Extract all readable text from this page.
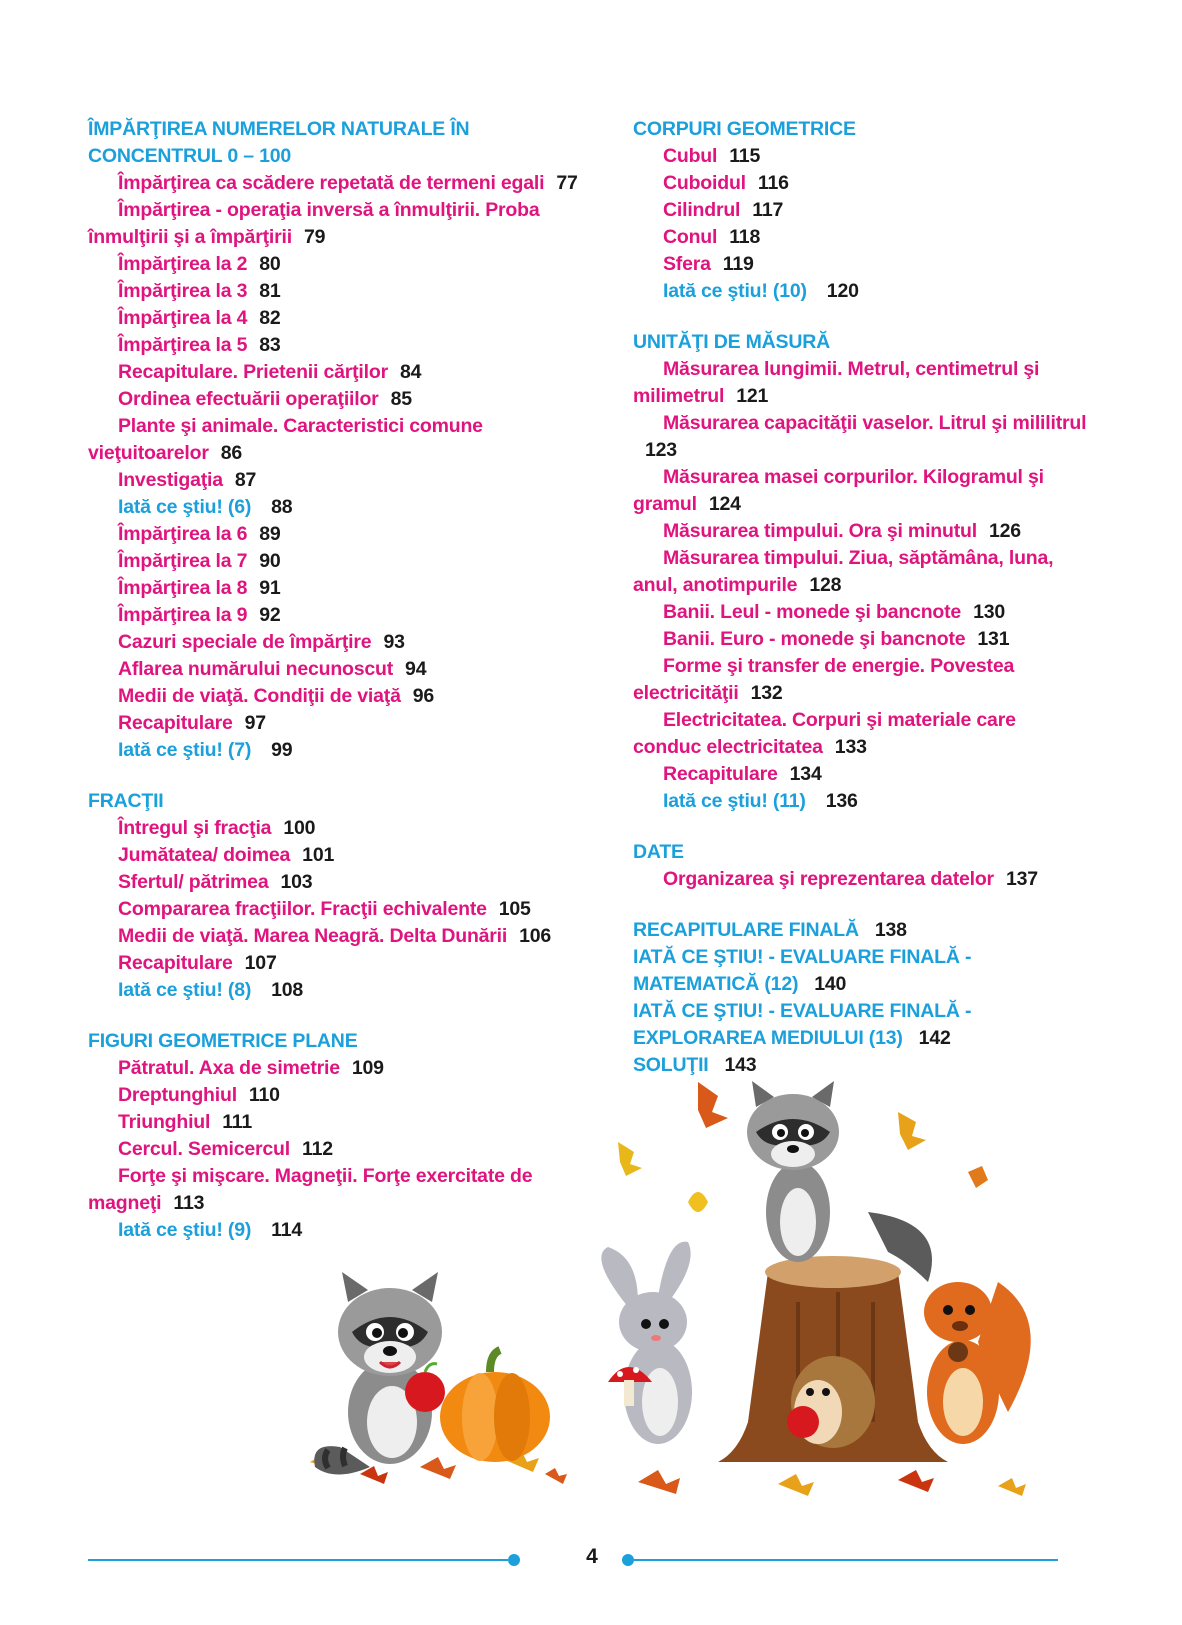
ÎMPĂRŢIREA NUMERELOR NATURALE ÎN CONCENTRUL 0 – 100
Împărţirea ca scădere repetată de termeni egali 77
Împărţirea - operaţia inversă a înmulţirii. Proba înmulţirii şi a împărţirii 79
Împărţirea la 2 80
Împărţirea la 3 81
Împărţirea la 4 82
Împărţirea la 5 83
Recapitulare. Prietenii cărţilor 84
Ordinea efectuării operaţiilor 85
Plante şi animale. Caracteristici comune vieţuitoarelor 86
Investigaţia 87
Iată ce ştiu! (6) 88
Împărţirea la 6 89
Împărţirea la 7 90
Împărţirea la 8 91
Împărţirea la 9 92
Cazuri speciale de împărţire 93
Aflarea numărului necunoscut 94
Medii de viaţă. Condiţii de viaţă 96
Recapitulare 97
Iată ce ştiu! (7) 99
FRACŢII
Întregul şi fracţia 100
Jumătatea/ doimea 101
Sfertul/ pătrimea 103
Compararea fracţiilor. Fracţii echivalente 105
Medii de viaţă. Marea Neagră. Delta Dunării 106
Recapitulare 107
Iată ce ştiu! (8) 108
FIGURI GEOMETRICE PLANE
Pătratul. Axa de simetrie 109
Dreptunghiul 110
Triunghiul 111
Cercul. Semicercul 112
Forţe şi mişcare. Magneţii. Forţe exercitate de magneţi 113
Iată ce ştiu! (9) 114
CORPURI GEOMETRICE
Cubul 115
Cuboidul 116
Cilindrul 117
Conul 118
Sfera 119
Iată ce ştiu! (10) 120
UNITĂŢI DE MĂSURĂ
Măsurarea lungimii. Metrul, centimetrul şi milimetrul 121
Măsurarea capacităţii vaselor. Litrul şi mililitrul123
Măsurarea masei corpurilor. Kilogramul şi gramul 124
Măsurarea timpului. Ora şi minutul 126
Măsurarea timpului. Ziua, săptămâna, luna, anul, anotimpurile 128
Banii. Leul - monede şi bancnote 130
Banii. Euro - monede şi bancnote 131
Forme şi transfer de energie. Povestea electricităţii 132
Electricitatea. Corpuri şi materiale care conduc electricitatea 133
Recapitulare 134
Iată ce ştiu! (11) 136
DATE
Organizarea şi reprezentarea datelor 137
RECAPITULARE FINALĂ 138
IATĂ CE ŞTIU! - EVALUARE FINALĂ - MATEMATICĂ (12) 140
IATĂ CE ŞTIU! - EVALUARE FINALĂ - EXPLORAREA MEDIULUI (13) 142
SOLUŢII 143
4
